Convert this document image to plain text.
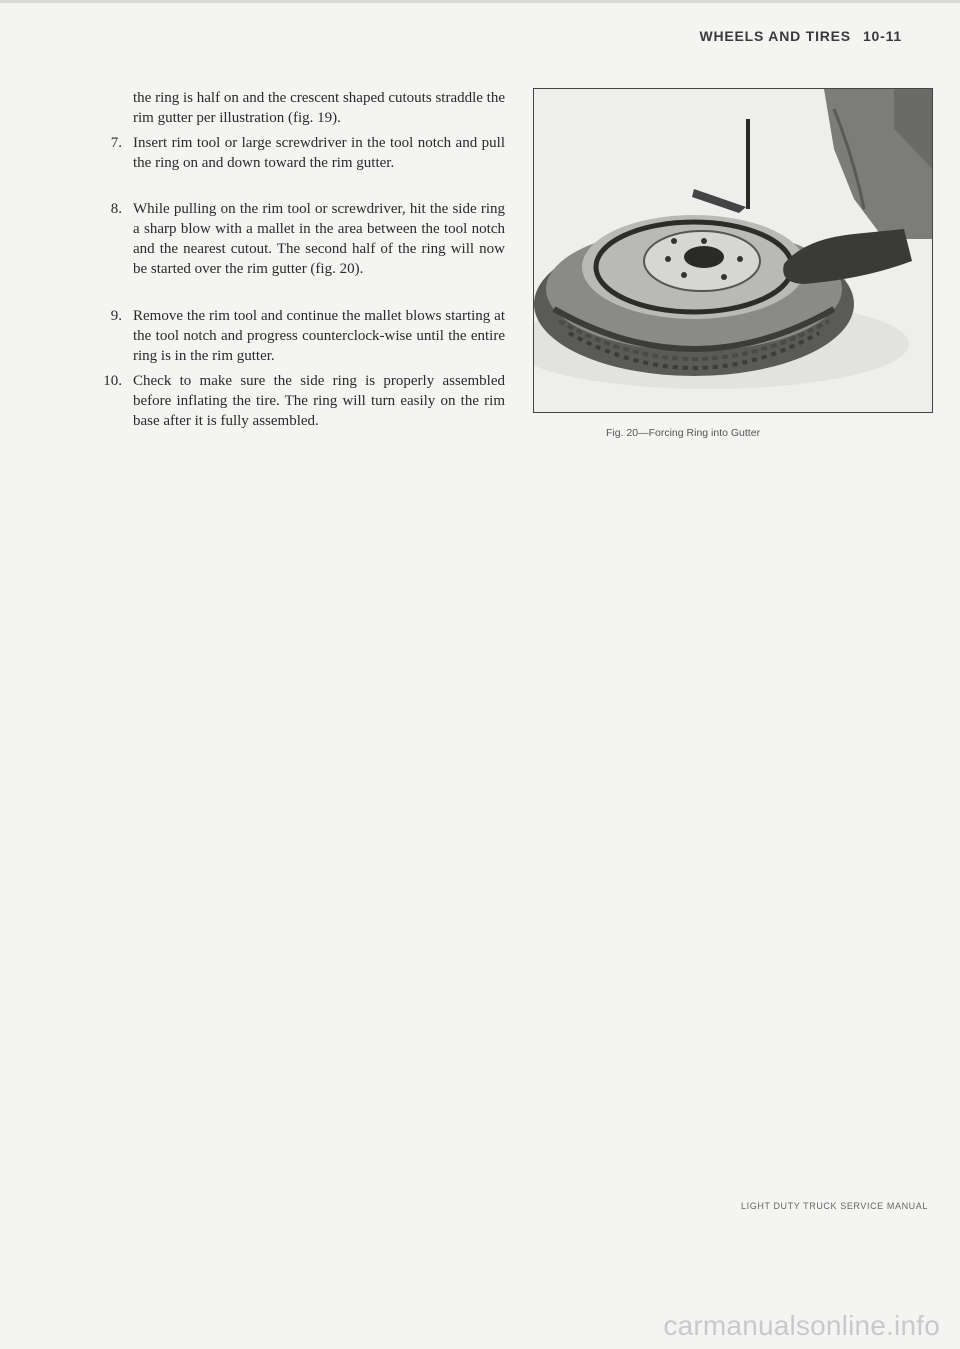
WHEELS AND TIRES 10-11
the ring is half on and the crescent shaped cutouts straddle the rim gutter per illustration (fig. 19).
7. Insert rim tool or large screwdriver in the tool notch and pull the ring on and down toward the rim gutter.
8. While pulling on the rim tool or screwdriver, hit the side ring a sharp blow with a mallet in the area between the tool notch and the nearest cutout. The second half of the ring will now be started over the rim gutter (fig. 20).
9. Remove the rim tool and continue the mallet blows starting at the tool notch and progress counterclock-wise until the entire ring is in the rim gutter.
10. Check to make sure the side ring is properly assembled before inflating the tire. The ring will turn easily on the rim base after it is fully assembled.
Fig. 20—Forcing Ring into Gutter
LIGHT DUTY TRUCK SERVICE MANUAL
carmanualsonline.info
